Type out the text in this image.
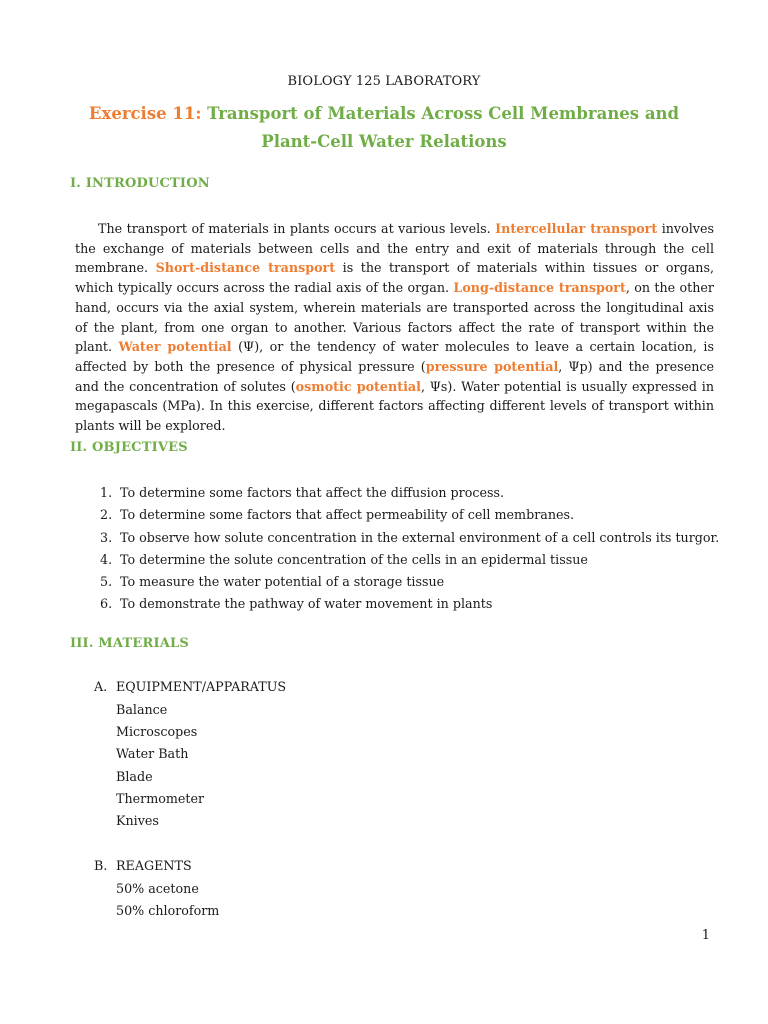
BIOLOGY 125 LABORATORY
Exercise 11: Transport of Materials Across Cell Membranes and Plant-Cell Water Relations
I. INTRODUCTION

The transport of materials in plants occurs at various levels. Intercellular transport involves the exchange of materials between cells and the entry and exit of materials through the cell membrane. Short-distance transport is the transport of materials within tissues or organs, which typically occurs across the radial axis of the organ. Long-distance transport, on the other hand, occurs via the axial system, wherein materials are transported across the longitudinal axis of the plant, from one organ to another. Various factors affect the rate of transport within the plant. Water potential (Ψ), or the tendency of water molecules to leave a certain location, is affected by both the presence of physical pressure (pressure potential, Ψp) and the presence and the concentration of solutes (osmotic potential, Ψs). Water potential is usually expressed in megapascals (MPa). In this exercise, different factors affecting different levels of transport within plants will be explored.

II. OBJECTIVES
1. To determine some factors that affect the diffusion process.
2. To determine some factors that affect permeability of cell membranes.
3. To observe how solute concentration in the external environment of a cell controls its turgor.
4. To determine the solute concentration of the cells in an epidermal tissue
5. To measure the water potential of a storage tissue
6. To demonstrate the pathway of water movement in plants
III. MATERIALS
A. EQUIPMENT/APPARATUS
Balance
Microscopes
Water Bath
Blade
Thermometer
Knives
B. REAGENTS
50% acetone
50% chloroform
1
